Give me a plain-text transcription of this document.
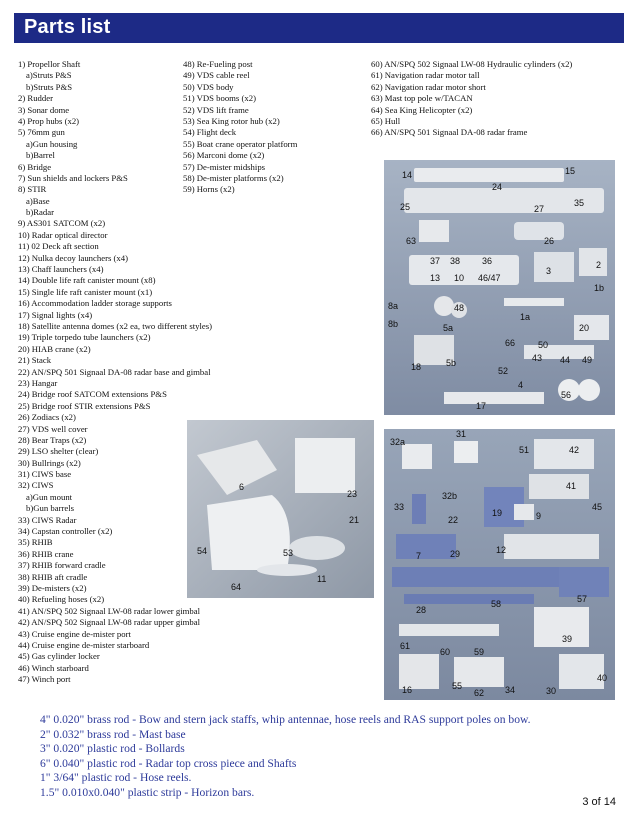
Parts list
1) Propellor Shaft
a)Struts P&S
b)Struts P&S
2) Rudder
3) Sonar dome
4) Prop hubs (x2)
5) 76mm gun
a)Gun housing
b)Barrel
6) Bridge
7) Sun shields and lockers P&S
8) STIR
a)Base
b)Radar
9) AS301 SATCOM (x2)
10) Radar optical director
11) 02 Deck aft section
12) Nulka decoy launchers (x4)
13) Chaff launchers (x4)
14) Double life raft canister mount (x8)
15) Single life raft canister mount (x1)
16) Accommodation ladder storage supports
17) Signal lights (x4)
18) Satellite antenna domes (x2 ea, two different styles)
19) Triple torpedo tube launchers (x2)
20) HIAB crane (x2)
21) Stack
22) AN/SPQ 501 Signaal DA-08 radar base and gimbal
23) Hangar
24) Bridge roof SATCOM extensions P&S
25) Bridge roof STIR extensions P&S
26) Zodiacs (x2)
27) VDS well cover
28) Bear Traps (x2)
29) LSO shelter (clear)
30) Bullrings (x2)
31) CIWS base
32) CIWS
a)Gun mount
b)Gun barrels
33) CIWS Radar
34) Capstan controller (x2)
35) RHIB
36) RHIB crane
37) RHIB forward cradle
38) RHIB aft cradle
39) De-misters (x2)
40) Refueling hoses (x2)
41) AN/SPQ 502 Signaal LW-08 radar lower gimbal
42) AN/SPQ 502 Signaal LW-08 radar upper gimbal
43) Cruise engine de-mister port
44) Cruise engine de-mister starboard
45) Gas cylinder locker
46) Winch starboard
47) Winch port
48) Re-Fueling post
49) VDS cable reel
50) VDS body
51) VDS booms (x2)
52) VDS lift frame
53) Sea King rotor hub (x2)
54) Flight deck
55) Boat crane operator platform
56) Marconi dome (x2)
57) De-mister midships
58) De-mister platforms (x2)
59) Horns (x2)
60) AN/SPQ 502 Signaal LW-08 Hydraulic cylinders (x2)
61) Navigation radar motor tall
62) Navigation radar motor short
63) Mast top pole w/TACAN
64) Sea King Helicopter (x2)
65) Hull
66) AN/SPQ 501 Signaal DA-08 radar frame
14	15
24
25	27
35
63
37 38 36
26
13 10 46/47
3
2
1b
8a	48
8b	5a
1a
20
50
66
43 44 49
18	5b
52
4
56
17
6
23
21
54	53
64
11
32a
31
51	42
41
33
32b
45
19	9
22
7	29	12
28
58	57
39
61
60	59
40
16	55
62 34	30
4" 0.020" brass rod - Bow and stern jack staffs, whip antennae, hose reels and RAS support poles on bow.
2" 0.032" brass rod - Mast base
3" 0.020" plastic rod - Bollards
6" 0.040" plastic rod - Radar top cross piece and Shafts
1" 3/64" plastic rod - Hose reels.
1.5" 0.010x0.040" plastic strip - Horizon bars.
3 of 14
